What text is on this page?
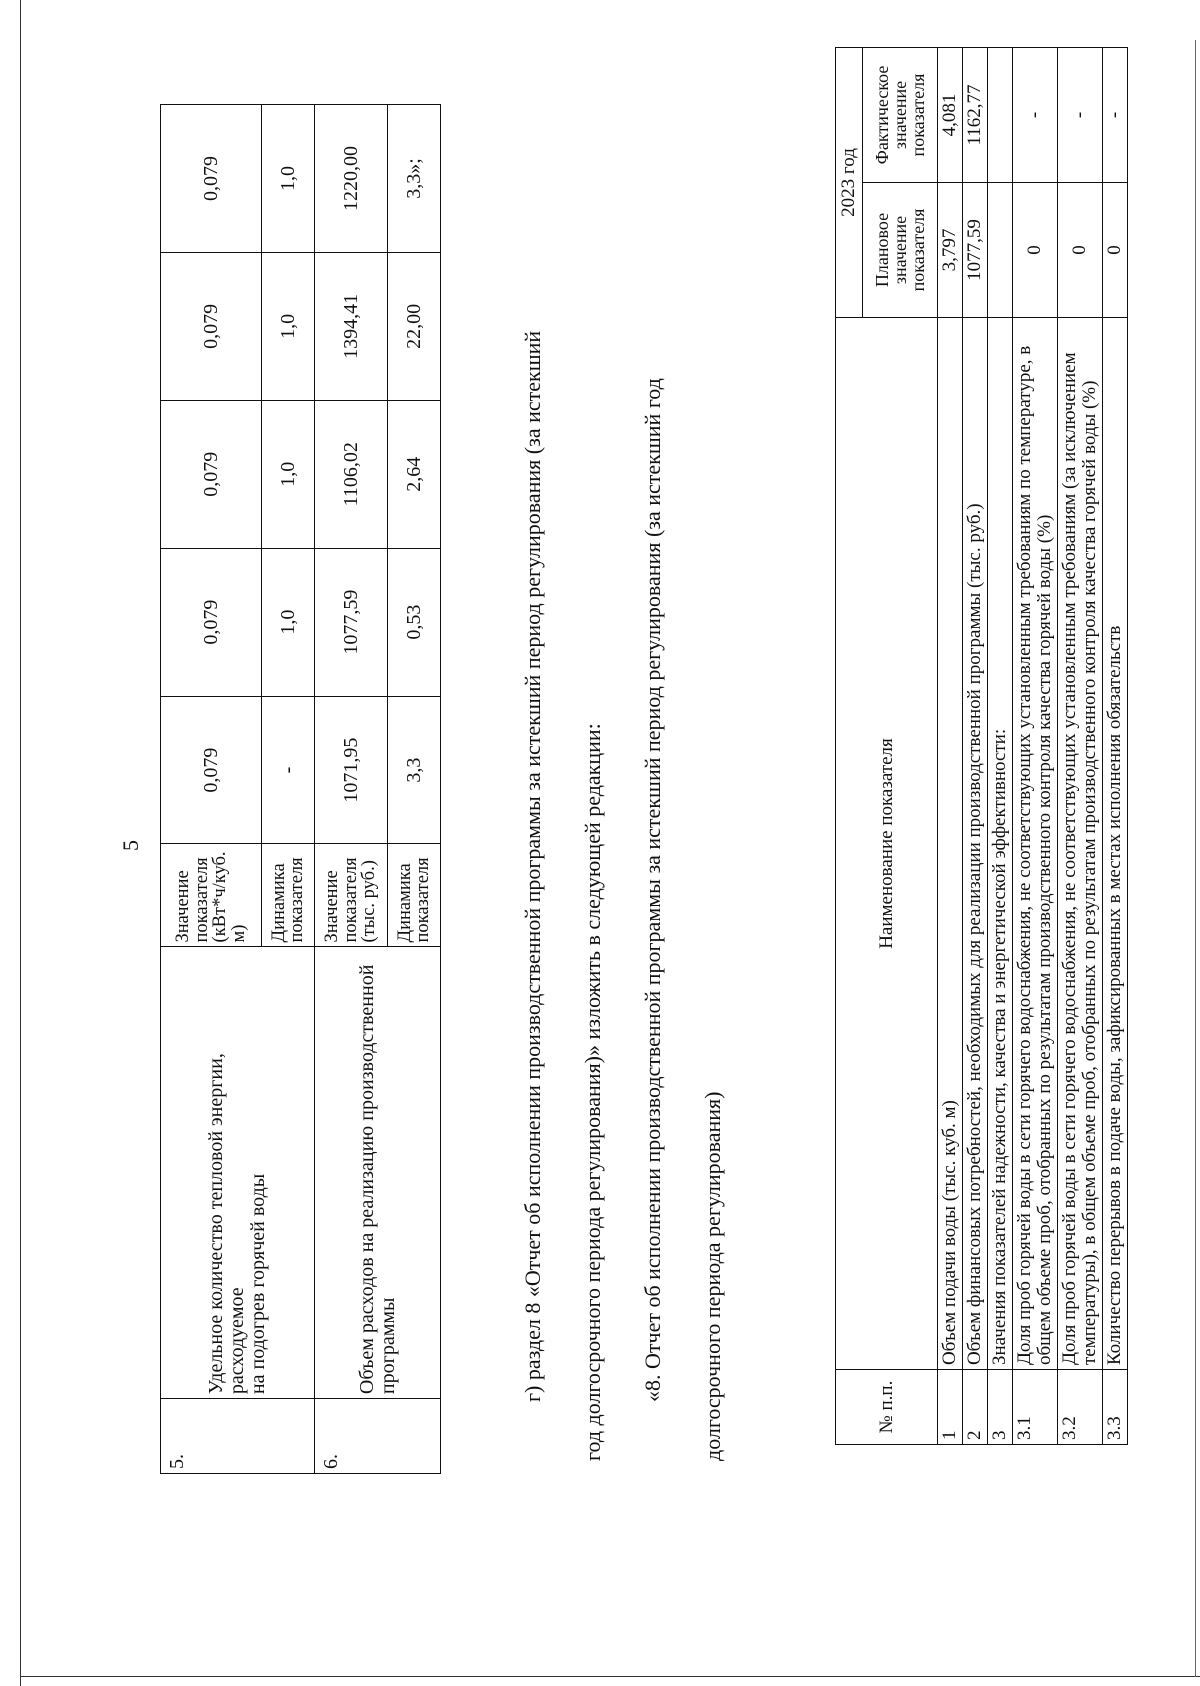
5
5.	Удельное количество тепловой энергии, расходуемое на подогрев горячей воды	Значение показателя (кВт*ч/куб. м)	0,079	0,079	0,079	0,079	0,079
		Динамика показателя	-	1,0	1,0	1,0	1,0
6.	Объем расходов на реализацию производственной программы	Значение показателя (тыс. руб.)	1071,95	1077,59	1106,02	1394,41	1220,00
		Динамика показателя	3,3	0,53	2,64	22,00	3,3»;
г) раздел 8 «Отчет об исполнении производственной программы за истекший период регулирования (за истекший год долгосрочного периода регулирования)» изложить в следующей редакции: «8. Отчет об исполнении производственной программы за истекший период регулирования (за истекший год долгосрочного периода регулирования)	№ п.п.	Наименование показателя	2023 год	
		Плановое значение показателя	Фактическое значение показателя
1	Объем подачи воды (тыс. куб. м)	3,797	4,081
2	Объем финансовых потребностей, необходимых для реализации производственной программы (тыс. руб.)	1077,59	1162,77
3	Значения показателей надежности, качества и энергетической эффективности:		
3.1	Доля проб горячей воды в сети горячего водоснабжения, не соответствующих установленным требованиям по температуре, в общем объеме проб, отобранных по результатам производственного контроля качества горячей воды (%)	0	-
3.2	Доля проб горячей воды в сети горячего водоснабжения, не соответствующих установленным требованиям (за исключением температуры), в общем объеме проб, отобранных по результатам производственного контроля качества горячей воды (%)	0	-
3.3	Количество перерывов в подаче воды, зафиксированных в местах исполнения обязательств	0	-
